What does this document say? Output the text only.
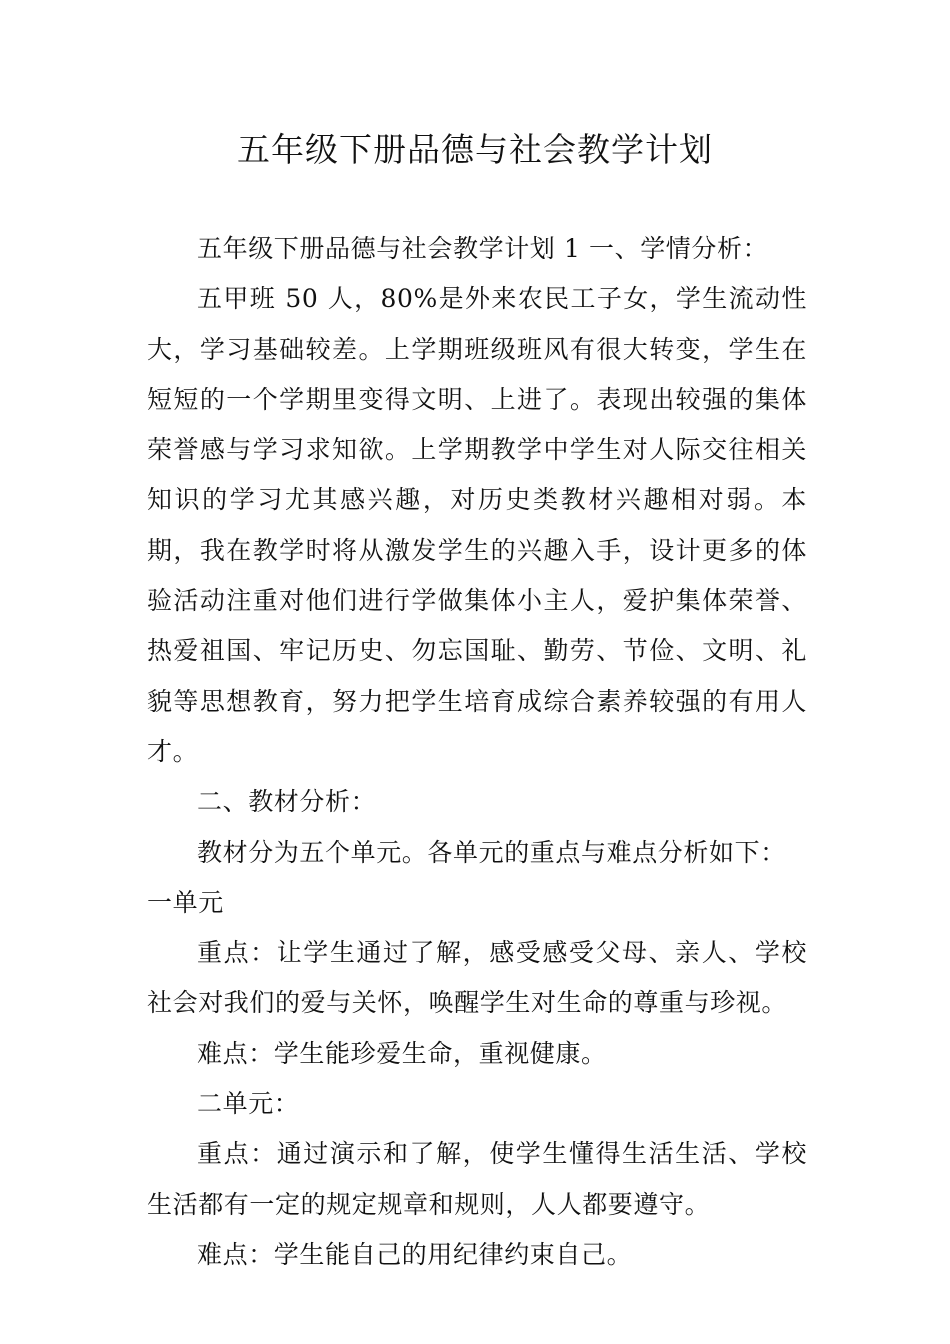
五年级下册品德与社会教学计划

五年级下册品德与社会教学计划 1 一、学情分析：

五甲班 50 人，80%是外来农民工子女，学生流动性大，学习基础较差。上学期班级班风有很大转变，学生在短短的一个学期里变得文明、上进了。表现出较强的集体荣誉感与学习求知欲。上学期教学中学生对人际交往相关知识的学习尤其感兴趣，对历史类教材兴趣相对弱。本期，我在教学时将从激发学生的兴趣入手，设计更多的体验活动注重对他们进行学做集体小主人，爱护集体荣誉、热爱祖国、牢记历史、勿忘国耻、勤劳、节俭、文明、礼貌等思想教育，努力把学生培育成综合素养较强的有用人才。

二、教材分析：

教材分为五个单元。各单元的重点与难点分析如下：

一单元

重点：让学生通过了解，感受感受父母、亲人、学校社会对我们的爱与关怀，唤醒学生对生命的尊重与珍视。

难点：学生能珍爱生命，重视健康。

二单元：

重点：通过演示和了解，使学生懂得生活生活、学校生活都有一定的规定规章和规则，人人都要遵守。

难点：学生能自己的用纪律约束自己。
